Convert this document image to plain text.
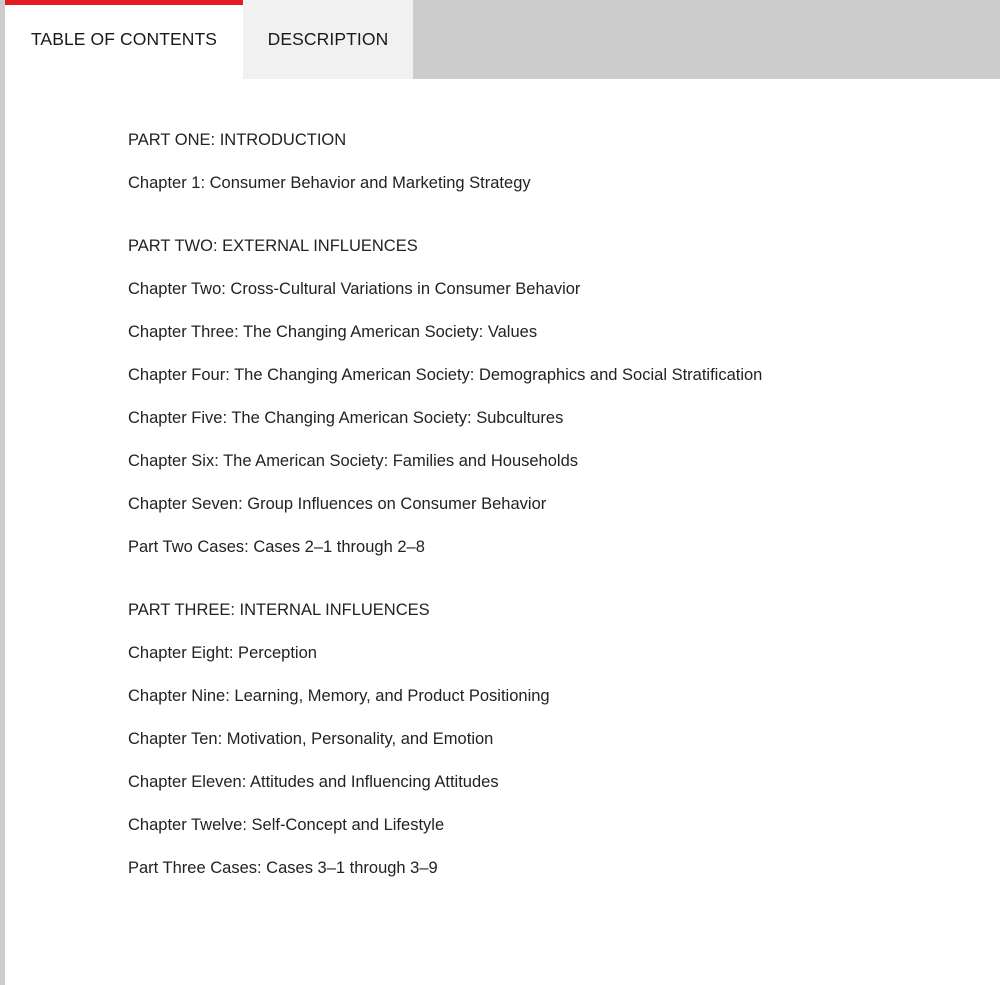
TABLE OF CONTENTS	DESCRIPTION
PART ONE: INTRODUCTION
Chapter 1: Consumer Behavior and Marketing Strategy
PART TWO: EXTERNAL INFLUENCES
Chapter Two: Cross-Cultural Variations in Consumer Behavior
Chapter Three: The Changing American Society: Values
Chapter Four: The Changing American Society: Demographics and Social Stratification
Chapter Five: The Changing American Society: Subcultures
Chapter Six: The American Society: Families and Households
Chapter Seven: Group Influences on Consumer Behavior
Part Two Cases: Cases 2–1 through 2–8
PART THREE: INTERNAL INFLUENCES
Chapter Eight: Perception
Chapter Nine: Learning, Memory, and Product Positioning
Chapter Ten: Motivation, Personality, and Emotion
Chapter Eleven: Attitudes and Influencing Attitudes
Chapter Twelve: Self-Concept and Lifestyle
Part Three Cases: Cases 3–1 through 3–9
